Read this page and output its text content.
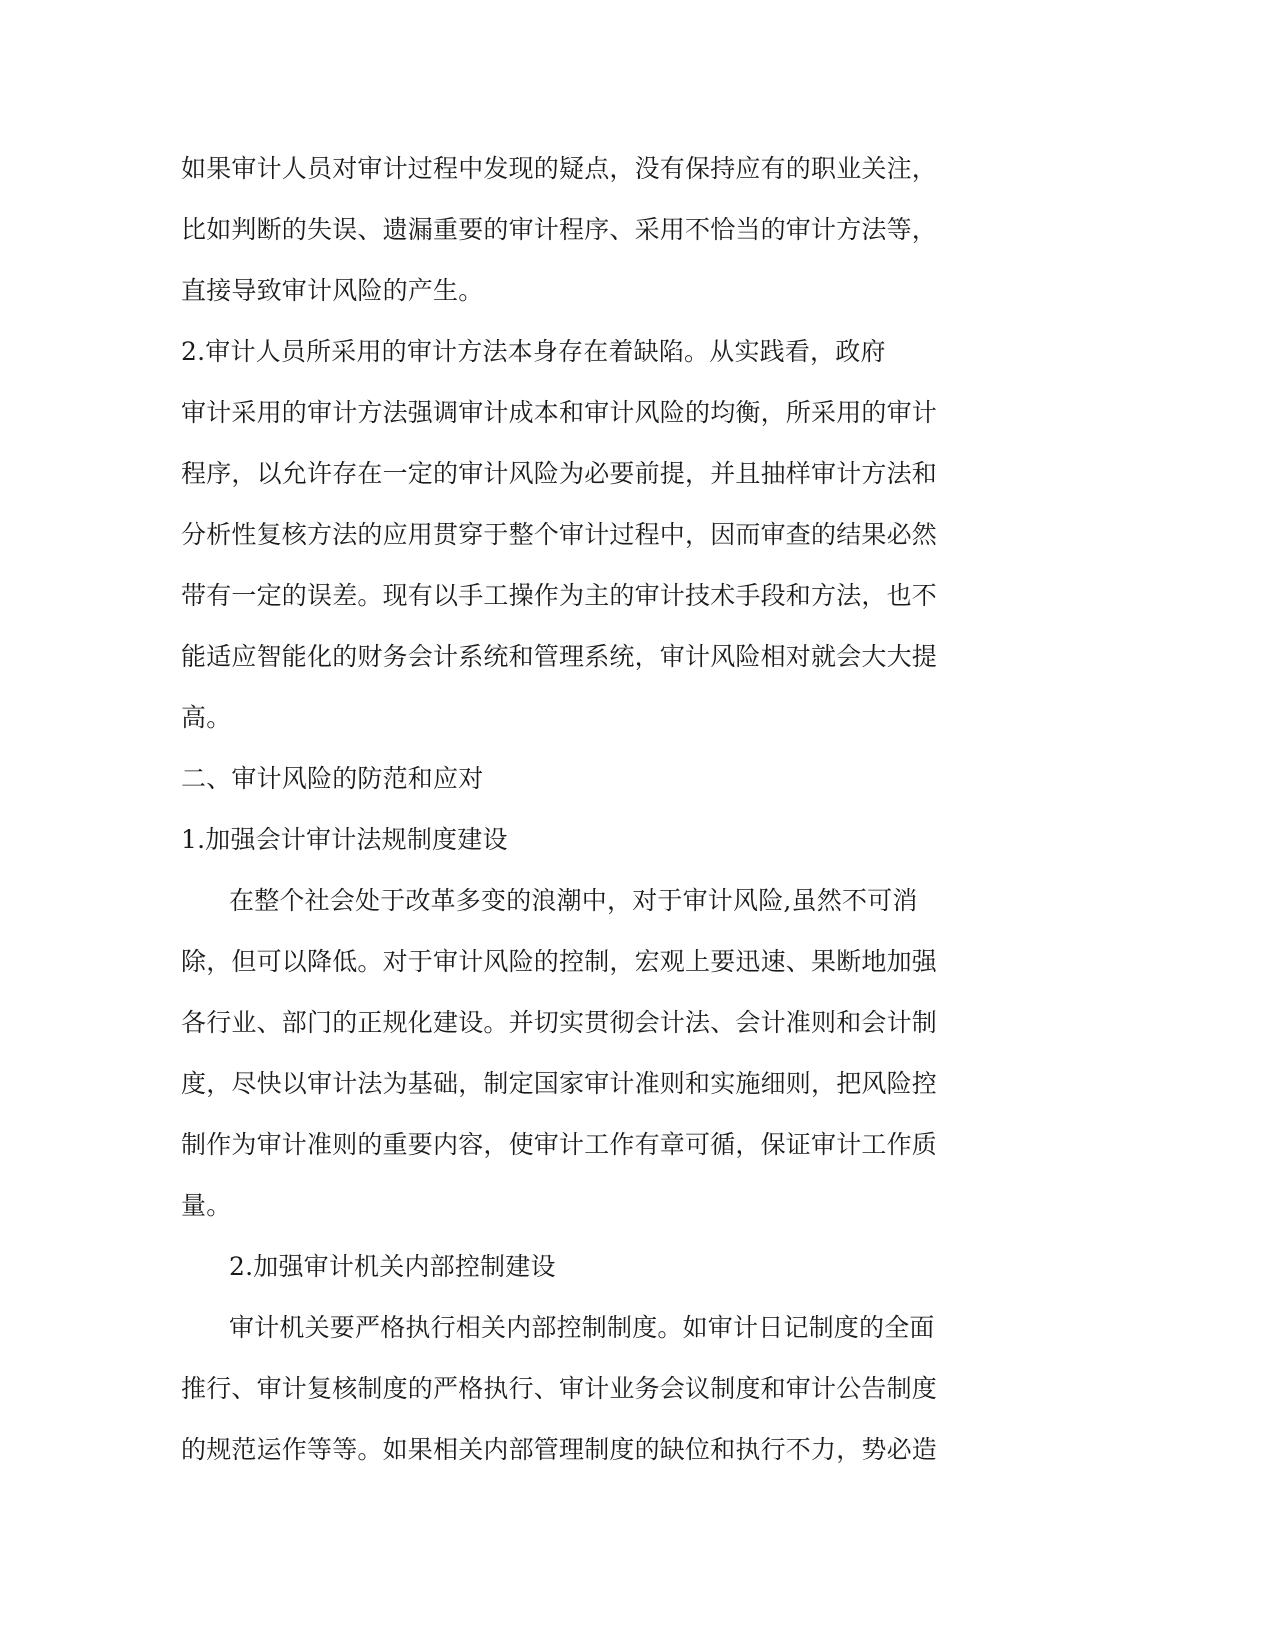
如果审计人员对审计过程中发现的疑点，没有保持应有的职业关注，
比如判断的失误、遗漏重要的审计程序、采用不恰当的审计方法等，
直接导致审计风险的产生。
2.审计人员所采用的审计方法本身存在着缺陷。从实践看，政府
审计采用的审计方法强调审计成本和审计风险的均衡，所采用的审计
程序，以允许存在一定的审计风险为必要前提，并且抽样审计方法和
分析性复核方法的应用贯穿于整个审计过程中，因而审查的结果必然
带有一定的误差。现有以手工操作为主的审计技术手段和方法，也不
能适应智能化的财务会计系统和管理系统，审计风险相对就会大大提
高。
二、审计风险的防范和应对
1.加强会计审计法规制度建设
在整个社会处于改革多变的浪潮中，对于审计风险,虽然不可消
除，但可以降低。对于审计风险的控制，宏观上要迅速、果断地加强
各行业、部门的正规化建设。并切实贯彻会计法、会计准则和会计制
度，尽快以审计法为基础，制定国家审计准则和实施细则，把风险控
制作为审计准则的重要内容，使审计工作有章可循，保证审计工作质
量。
2.加强审计机关内部控制建设
审计机关要严格执行相关内部控制制度。如审计日记制度的全面
推行、审计复核制度的严格执行、审计业务会议制度和审计公告制度
的规范运作等等。如果相关内部管理制度的缺位和执行不力，势必造
